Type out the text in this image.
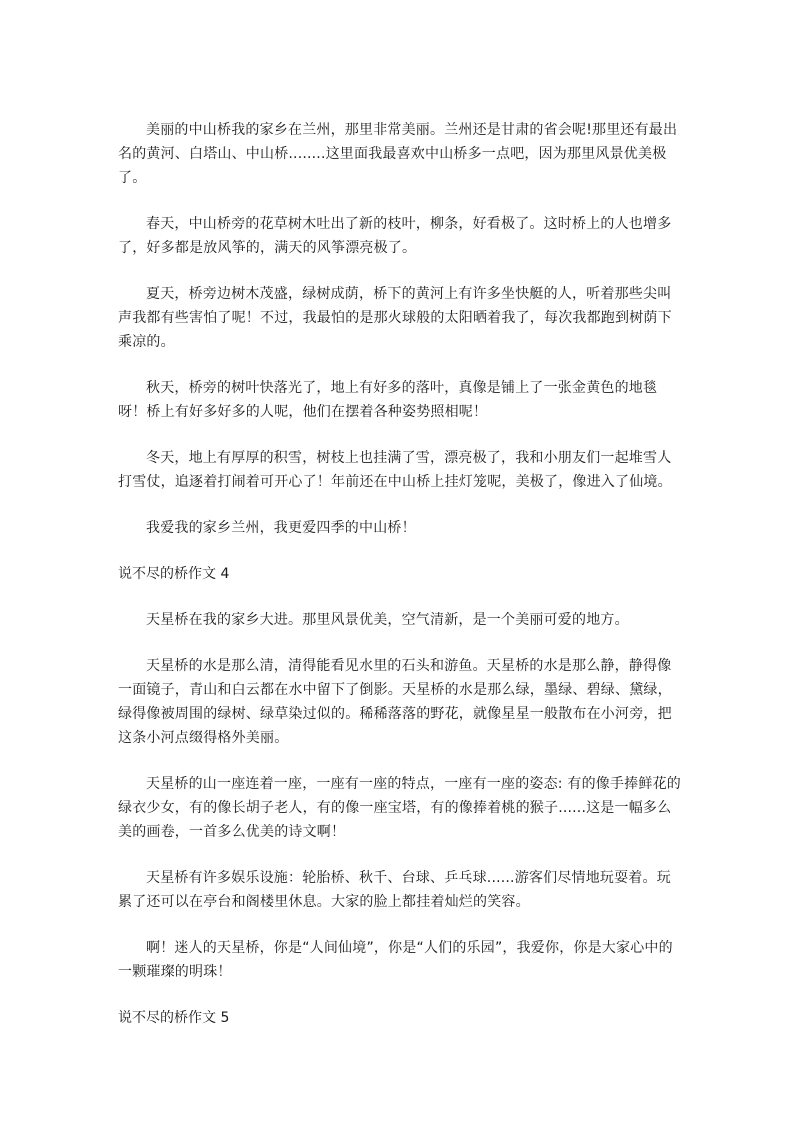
美丽的中山桥我的家乡在兰州，那里非常美丽。兰州还是甘肃的省会呢!那里还有最出名的黄河、白塔山、中山桥........这里面我最喜欢中山桥多一点吧，因为那里风景优美极了。

春天，中山桥旁的花草树木吐出了新的枝叶，柳条，好看极了。这时桥上的人也增多了，好多都是放风筝的，满天的风筝漂亮极了。

夏天，桥旁边树木茂盛，绿树成荫，桥下的黄河上有许多坐快艇的人，听着那些尖叫声我都有些害怕了呢！不过，我最怕的是那火球般的太阳晒着我了，每次我都跑到树荫下乘凉的。

秋天，桥旁的树叶快落光了，地上有好多的落叶，真像是铺上了一张金黄色的地毯呀！桥上有好多好多的人呢，他们在摆着各种姿势照相呢！

冬天，地上有厚厚的积雪，树枝上也挂满了雪，漂亮极了，我和小朋友们一起堆雪人打雪仗，追逐着打闹着可开心了！年前还在中山桥上挂灯笼呢，美极了，像进入了仙境。

我爱我的家乡兰州，我更爱四季的中山桥！

说不尽的桥作文 4

天星桥在我的家乡大进。那里风景优美，空气清新，是一个美丽可爱的地方。

天星桥的水是那么清，清得能看见水里的石头和游鱼。天星桥的水是那么静，静得像一面镜子，青山和白云都在水中留下了倒影。天星桥的水是那么绿，墨绿、碧绿、黛绿，绿得像被周围的绿树、绿草染过似的。稀稀落落的野花，就像星星一般散布在小河旁，把这条小河点缀得格外美丽。

天星桥的山一座连着一座，一座有一座的特点，一座有一座的姿态: 有的像手捧鲜花的绿衣少女，有的像长胡子老人，有的像一座宝塔，有的像捧着桃的猴子......这是一幅多么美的画卷，一首多么优美的诗文啊！

天星桥有许多娱乐设施：轮胎桥、秋千、台球、乒乓球......游客们尽情地玩耍着。玩累了还可以在亭台和阁楼里休息。大家的脸上都挂着灿烂的笑容。

啊！迷人的天星桥，你是“人间仙境”，你是“人们的乐园”，我爱你，你是大家心中的一颗璀璨的明珠！

说不尽的桥作文 5
